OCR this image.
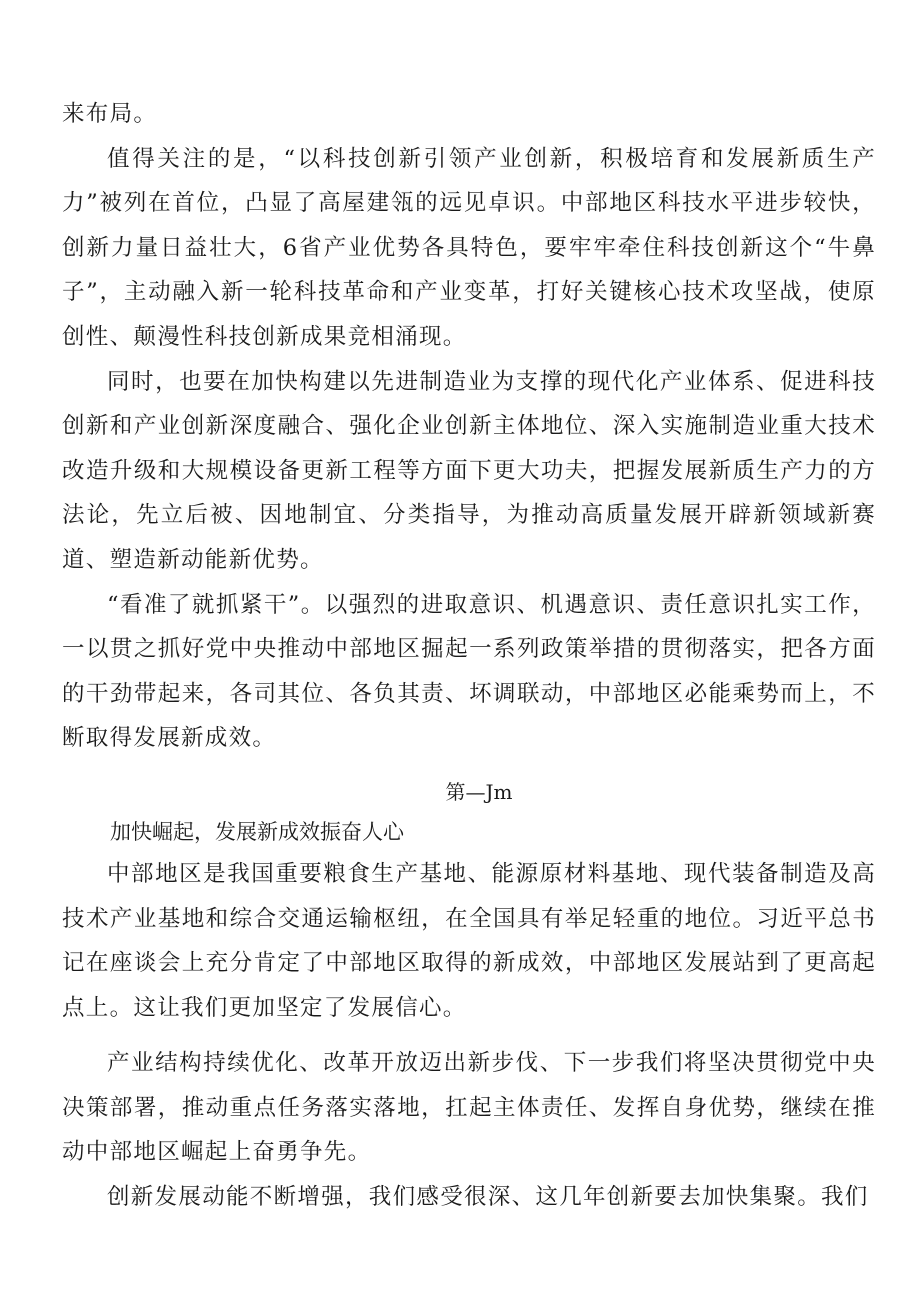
来布局。

值得关注的是，“以科技创新引领产业创新，积极培育和发展新质生产力”被列在首位，凸显了高屋建瓴的远见卓识。中部地区科技水平进步较快，创新力量日益壮大，6省产业优势各具特色，要牢牢牵住科技创新这个“牛鼻子”，主动融入新一轮科技革命和产业变革，打好关键核心技术攻坚战，使原创性、颠漫性科技创新成果竞相涌现。

同时，也要在加快构建以先进制造业为支撑的现代化产业体系、促进科技创新和产业创新深度融合、强化企业创新主体地位、深入实施制造业重大技术改造升级和大规模设备更新工程等方面下更大功夫，把握发展新质生产力的方法论，先立后被、因地制宜、分类指导，为推动高质量发展开辟新领域新赛道、塑造新动能新优势。

“看准了就抓紧干”。以强烈的进取意识、机遇意识、责任意识扎实工作，一以贯之抓好党中央推动中部地区掘起一系列政策举措的贯彻落实，把各方面的干劲带起来，各司其位、各负其责、坏调联动，中部地区必能乘势而上，不断取得发展新成效。

第—Jm

加快崛起，发展新成效振奋人心

中部地区是我国重要粮食生产基地、能源原材料基地、现代装备制造及高技术产业基地和综合交通运输枢纽，在全国具有举足轻重的地位。习近平总书记在座谈会上充分肯定了中部地区取得的新成效，中部地区发展站到了更高起点上。这让我们更加坚定了发展信心。

产业结构持续优化、改革开放迈出新步伐、下一步我们将坚决贯彻党中央决策部署，推动重点任务落实落地，扛起主体责任、发挥自身优势，继续在推动中部地区崛起上奋勇争先。

创新发展动能不断增强，我们感受很深、这几年创新要去加快集聚。我们
